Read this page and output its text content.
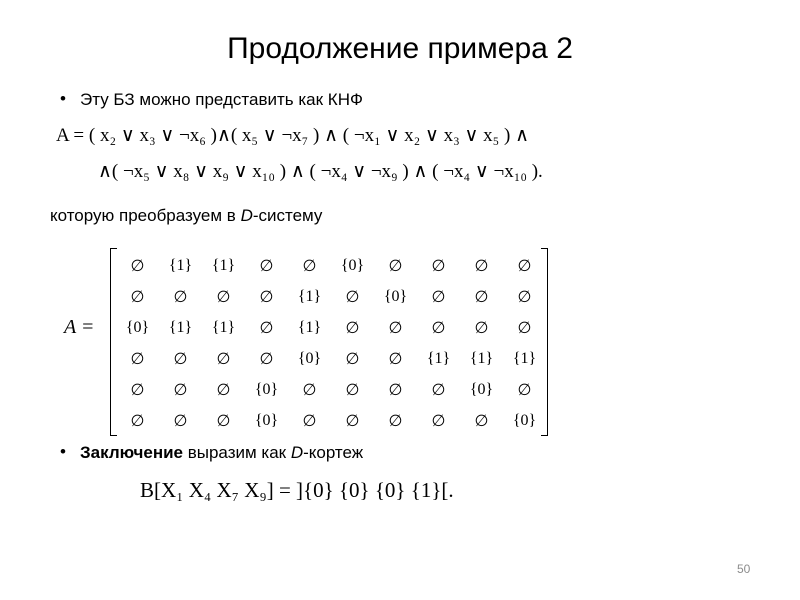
Продолжение примера 2
• Эту БЗ можно представить как КНФ
A = ( x₂ ∨ x₃ ∨ ¬x₆ )∧( x₅ ∨ ¬x₇ ) ∧ ( ¬x₁ ∨ x₂ ∨ x₃ ∨ x₅ ) ∧
∧( ¬x₅ ∨ x₈ ∨ x₉ ∨ x₁₀ ) ∧ ( ¬x₄ ∨ ¬x₉ ) ∧ ( ¬x₄ ∨ ¬x₁₀ ).
которую преобразуем в D-систему
A =
∅	{1}	{1}	∅	∅	{0}	∅	∅	∅	∅
∅	∅	∅	∅	{1}	∅	{0}	∅	∅	∅
{0}	{1}	{1}	∅	{1}	∅	∅	∅	∅	∅
∅	∅	∅	∅	{0}	∅	∅	{1}	{1}	{1}
∅	∅	∅	{0}	∅	∅	∅	∅	{0}	∅
∅	∅	∅	{0}	∅	∅	∅	∅	∅	{0}
• Заключение выразим как D-кортеж
B[X₁ X₄ X₇ X₉] = ]{0} {0} {0} {1}[.
50
